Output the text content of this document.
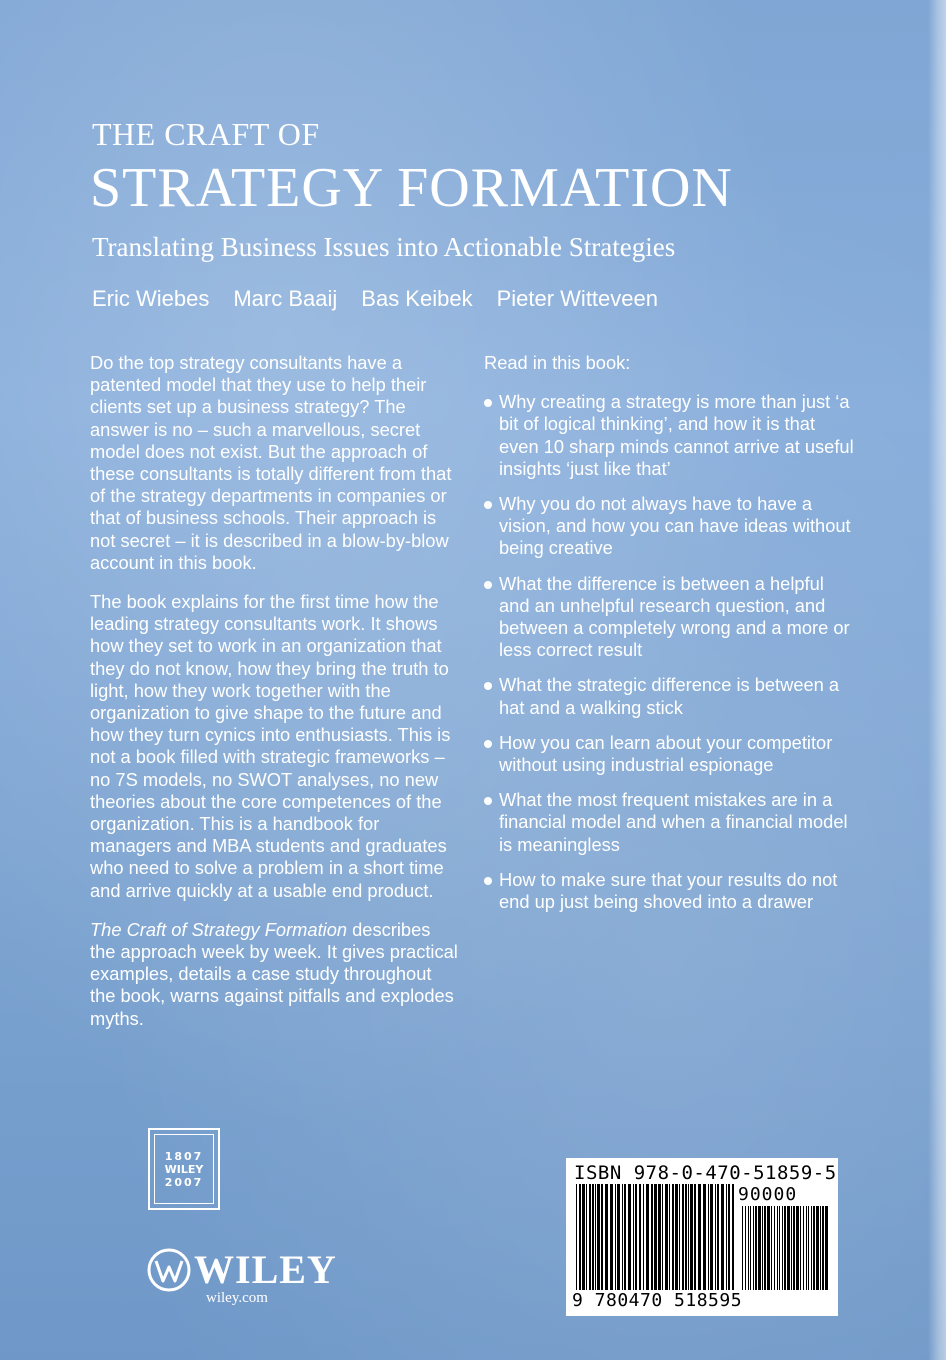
THE CRAFT OF
STRATEGY FORMATION

Translating Business Issues into Actionable Strategies

Eric Wiebes Marc Baaij Bas Keibek Pieter Witteveen

Do the top strategy consultants have a patented model that they use to help their clients set up a business strategy? The answer is no – such a marvellous, secret model does not exist. But the approach of these consultants is totally different from that of the strategy departments in companies or that of business schools. Their approach is not secret – it is described in a blow-by-blow account in this book.

The book explains for the first time how the leading strategy consultants work. It shows how they set to work in an organization that they do not know, how they bring the truth to light, how they work together with the organization to give shape to the future and how they turn cynics into enthusiasts. This is not a book filled with strategic frameworks – no 7S models, no SWOT analyses, no new theories about the core competences of the organization. This is a handbook for managers and MBA students and graduates who need to solve a problem in a short time and arrive quickly at a usable end product.

The Craft of Strategy Formation describes the approach week by week. It gives practical examples, details a case study throughout the book, warns against pitfalls and explodes myths.

Read in this book:

Why creating a strategy is more than just ‘a bit of logical thinking’, and how it is that even 10 sharp minds cannot arrive at useful insights ‘just like that’
Why you do not always have to have a vision, and how you can have ideas without being creative
What the difference is between a helpful and an unhelpful research question, and between a completely wrong and a more or less correct result
What the strategic difference is between a hat and a walking stick
How you can learn about your competitor without using industrial espionage
What the most frequent mistakes are in a financial model and when a financial model is meaningless
How to make sure that your results do not end up just being shoved into a drawer
1807
WILEY
2007
WILEY
wiley.com
ISBN 978-0-470-51859-5
90000
9 780470 518595
